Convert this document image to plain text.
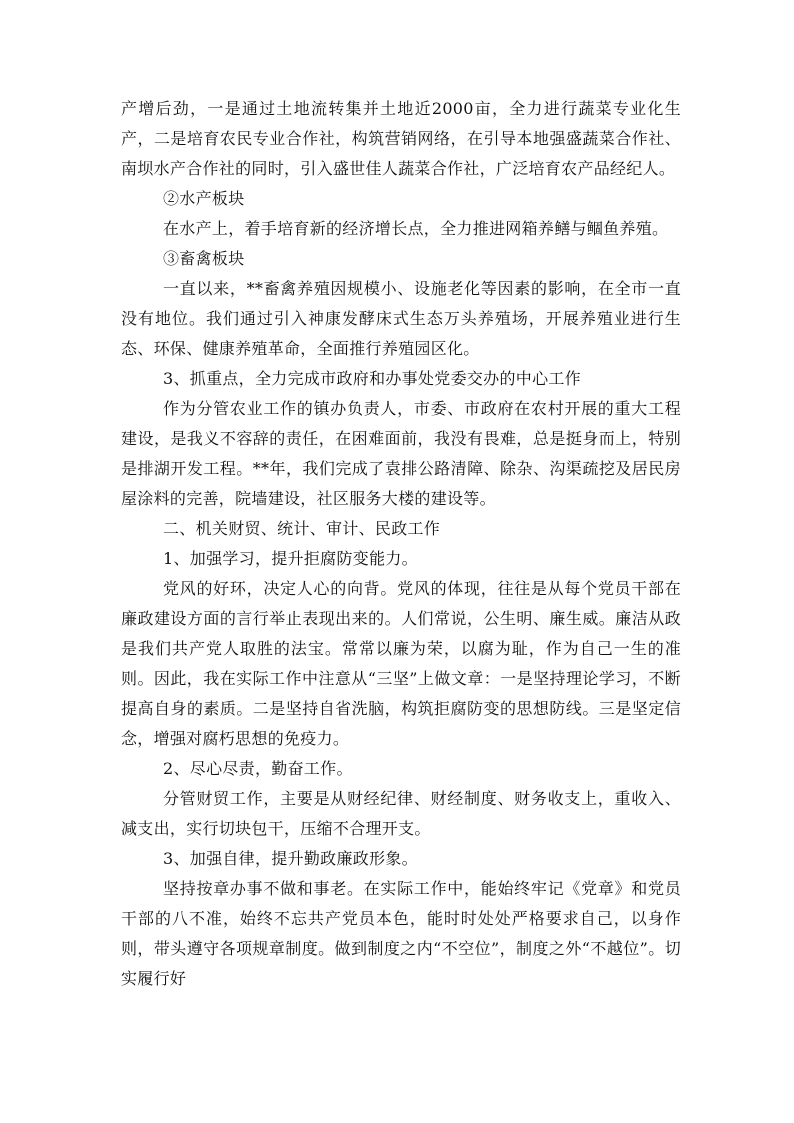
产增后劲，一是通过土地流转集并土地近2000亩，全力进行蔬菜专业化生产，二是培育农民专业合作社，构筑营销网络，在引导本地强盛蔬菜合作社、南坝水产合作社的同时，引入盛世佳人蔬菜合作社，广泛培育农产品经纪人。

②水产板块

在水产上，着手培育新的经济增长点，全力推进网箱养鳝与鲴鱼养殖。

③畜禽板块

一直以来，**畜禽养殖因规模小、设施老化等因素的影响，在全市一直没有地位。我们通过引入神康发酵床式生态万头养殖场，开展养殖业进行生态、环保、健康养殖革命，全面推行养殖园区化。

3、抓重点，全力完成市政府和办事处党委交办的中心工作

作为分管农业工作的镇办负责人，市委、市政府在农村开展的重大工程建设，是我义不容辞的责任，在困难面前，我没有畏难，总是挺身而上，特别是排湖开发工程。**年，我们完成了袁排公路清障、除杂、沟渠疏挖及居民房屋涂料的完善，院墙建设，社区服务大楼的建设等。

二、机关财贸、统计、审计、民政工作

1、加强学习，提升拒腐防变能力。

党风的好环，决定人心的向背。党风的体现，往往是从每个党员干部在廉政建设方面的言行举止表现出来的。人们常说，公生明、廉生威。廉洁从政是我们共产党人取胜的法宝。常常以廉为荣，以腐为耻，作为自己一生的准则。因此，我在实际工作中注意从“三坚”上做文章：一是坚持理论学习，不断提高自身的素质。二是坚持自省洗脑，构筑拒腐防变的思想防线。三是坚定信念，增强对腐朽思想的免疫力。

2、尽心尽责，勤奋工作。

分管财贸工作，主要是从财经纪律、财经制度、财务收支上，重收入、减支出，实行切块包干，压缩不合理开支。

3、加强自律，提升勤政廉政形象。

坚持按章办事不做和事老。在实际工作中，能始终牢记《党章》和党员干部的八不准，始终不忘共产党员本色，能时时处处严格要求自己，以身作则，带头遵守各项规章制度。做到制度之内“不空位”，制度之外“不越位”。切实履行好
